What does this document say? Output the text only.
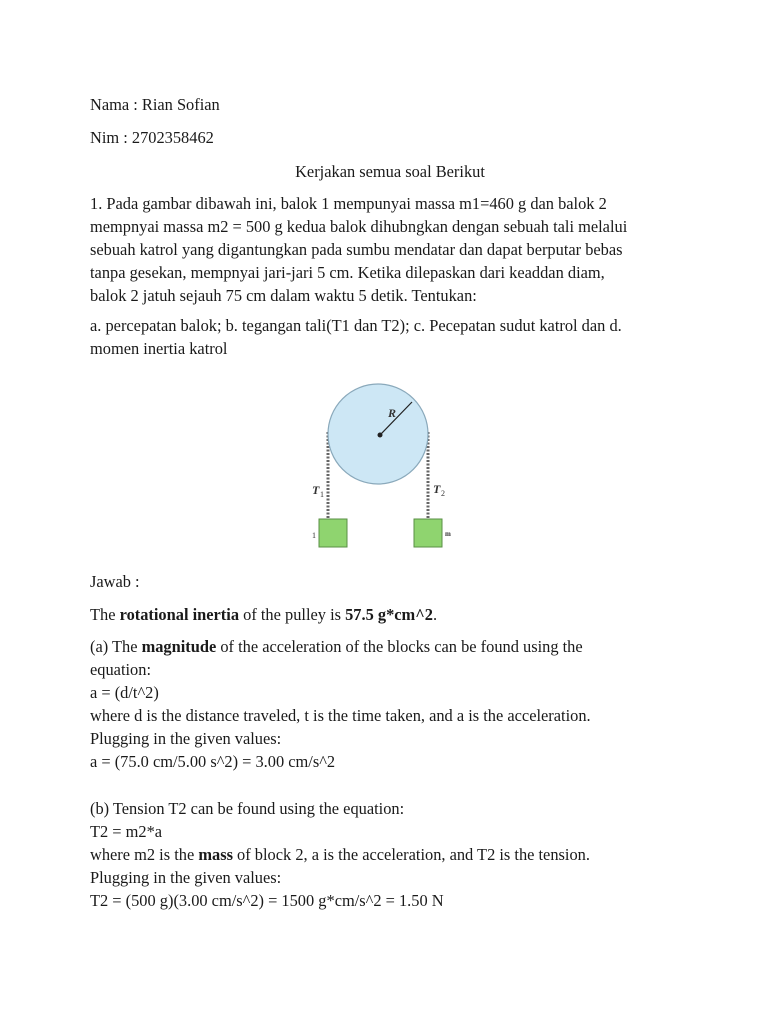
Nama : Rian Sofian

Nim : 2702358462

Kerjakan semua soal Berikut

1. Pada gambar dibawah ini, balok 1 mempunyai massa m1=460 g dan balok 2
mempnyai massa m2 = 500 g kedua balok dihubngkan dengan sebuah tali melalui
sebuah katrol yang digantungkan pada sumbu mendatar dan dapat berputar bebas
tanpa gesekan, mempnyai jari-jari 5 cm. Ketika dilepaskan dari keaddan diam,
balok 2 jatuh sejauh 75 cm dalam waktu 5 detik. Tentukan:
a. percepatan balok; b. tegangan tali(T1 dan T2); c. Pecepatan sudut katrol dan d.
momen inertia katrol
R
T 1	T 2
1	m

Jawab :

The rotational inertia of the pulley is 57.5 g*cm^2.

(a) The magnitude of the acceleration of the blocks can be found using the
equation:
a = (d/t^2)
where d is the distance traveled, t is the time taken, and a is the acceleration.
Plugging in the given values:
a = (75.0 cm/5.00 s^2) = 3.00 cm/s^2
(b) Tension T2 can be found using the equation:
T2 = m2*a
where m2 is the mass of block 2, a is the acceleration, and T2 is the tension.
Plugging in the given values:
T2 = (500 g)(3.00 cm/s^2) = 1500 g*cm/s^2 = 1.50 N
